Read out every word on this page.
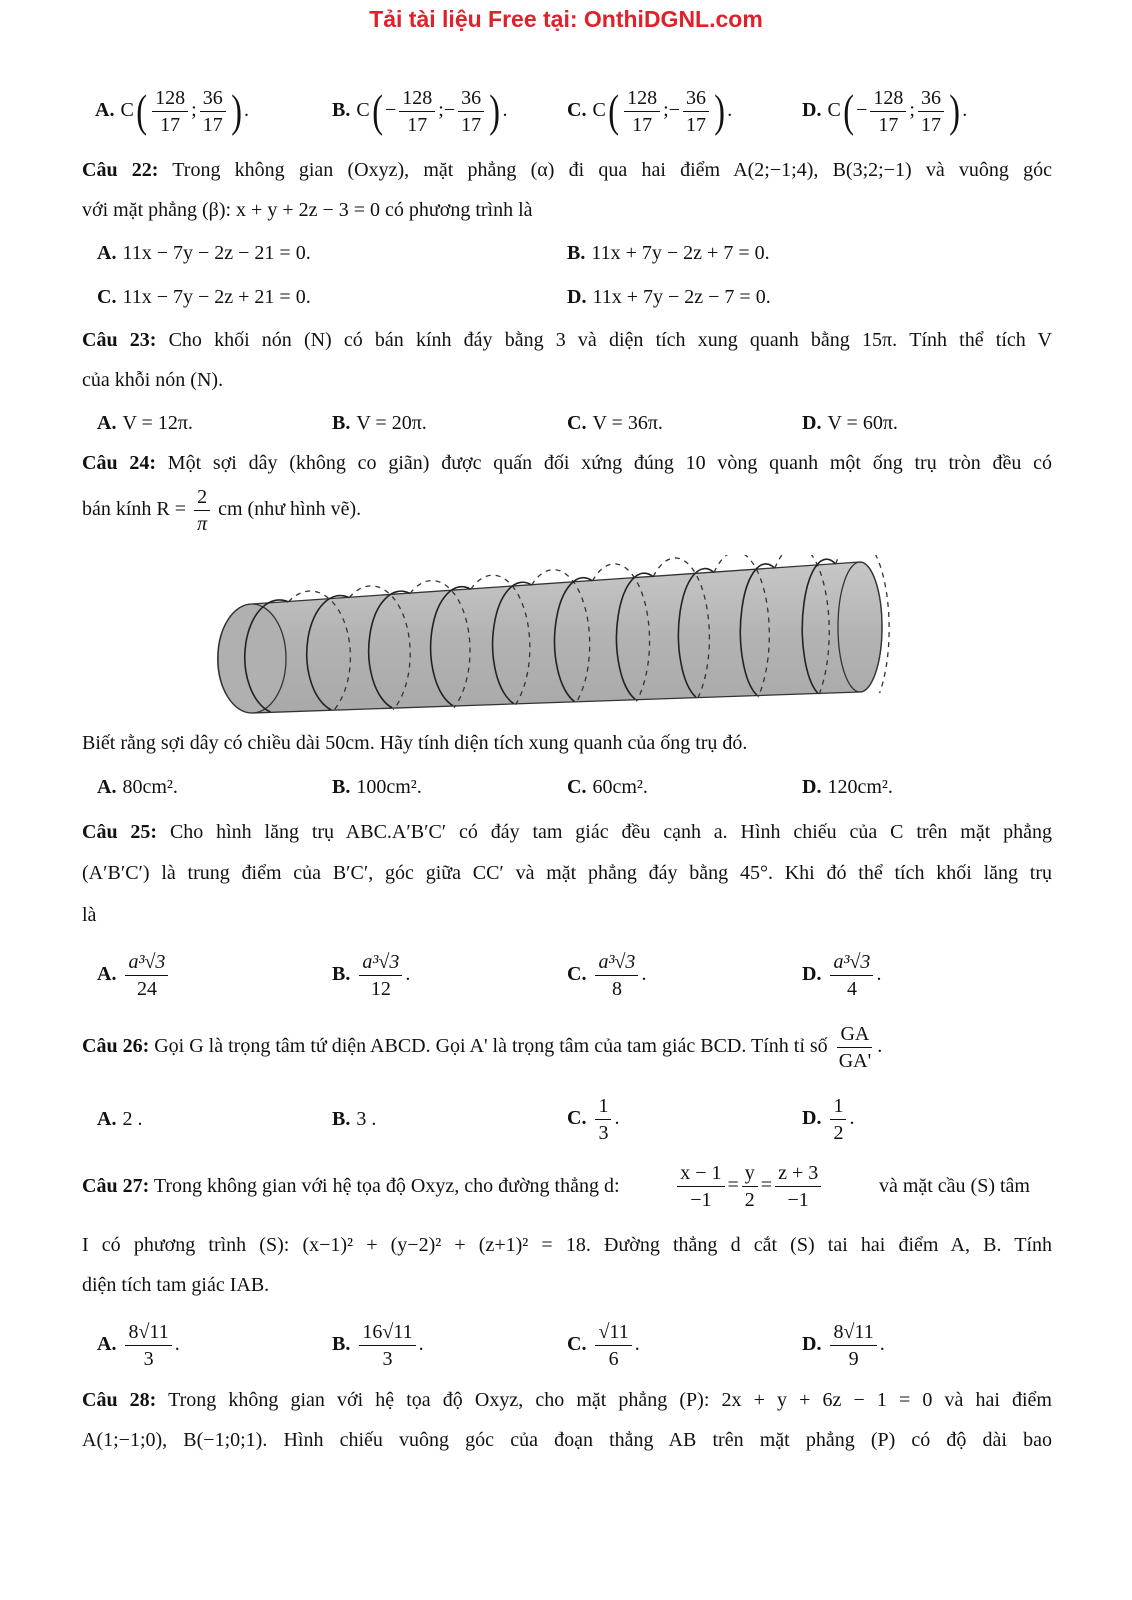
Tải tài liệu Free tại: OnthiDGNL.com
A. $C( \frac{128}{17}$ ; $\frac{36}{17}$ ) .	B. $C( - \frac{128}{17}$ ;− $\frac{36}{17}$ ) .	C. $C( \frac{128}{17}$ ;− $\frac{36}{17}$ ) .	D. $C( - \frac{128}{17}$ ; $\frac{36}{17}$ ) .
Câu 22: Trong không gian (Oxyz), mặt phẳng (α) đi qua hai điểm A(2;−1;4), B(3;2;−1) và vuông góc
với mặt phẳng (β): x + y + 2z − 3 = 0 có phương trình là
A. 11x − 7y − 2z − 21 = 0.	B. 11x + 7y − 2z + 7 = 0.
C. 11x − 7y − 2z + 21 = 0.	D. 11x + 7y − 2z − 7 = 0.
Câu 23: Cho khối nón (N) có bán kính đáy bằng 3 và diện tích xung quanh bằng 15π. Tính thể tích V
của khỗi nón (N).
A. V = 12π.	B. V = 20π.	C. V = 36π.	D. V = 60π.
Câu 24: Một sợi dây (không co giãn) được quấn đối xứng đúng 10 vòng quanh một ống trụ tròn đều có
bán kính $R = \frac{2}{\pi}$ cm (như hình vẽ).
Biết rằng sợi dây có chiều dài 50cm. Hãy tính diện tích xung quanh của ống trụ đó.
A. 80cm².	B. 100cm².	C. 60cm².	D. 120cm².
Câu 25: Cho hình lăng trụ ABC.A′B′C′ có đáy tam giác đều cạnh a. Hình chiếu của C trên mặt phẳng
(A′B′C′) là trung điểm của B′C′, góc giữa CC′ và mặt phẳng đáy bằng 45°. Khi đó thể tích khối lăng trụ
là
A. $\frac{\text{a³√3}}{24}$	B. $\frac{\text{a³√3}}{12}$ .	C. $\frac{\text{a³√3}}{8}$ .	D. $\frac{\text{a³√3}}{4}$ .
Câu 26: Gọi G là trọng tâm tứ diện ABCD. Gọi A' là trọng tâm của tam giác BCD. Tính tỉ số $\frac{GA}{GA'}$ .
A. 2 .	B. 3 .	C. $\frac{1}{3}$ .	D. $\frac{1}{2}$ .
Câu 27: Trong không gian với hệ tọa độ Oxyz, cho đường thẳng d:	$\frac{x - 1}{-1} = \frac{y}{2} = \frac{z + 3}{-1}$	và mặt cầu (S) tâm
I có phương trình (S): (x−1)² + (y−2)² + (z+1)² = 18. Đường thẳng d cắt (S) tai hai điểm A, B. Tính
diện tích tam giác IAB.
A. $\frac{8√11}{3}$ .	B. $\frac{16√11}{3}$ .	C. $\frac{√11}{6}$ .	D. $\frac{8√11}{9}$ .
Câu 28: Trong không gian với hệ tọa độ Oxyz, cho mặt phẳng (P): 2x + y + 6z − 1 = 0 và hai điểm
A(1;−1;0), B(−1;0;1). Hình chiếu vuông góc của đoạn thẳng AB trên mặt phẳng (P) có độ dài bao
